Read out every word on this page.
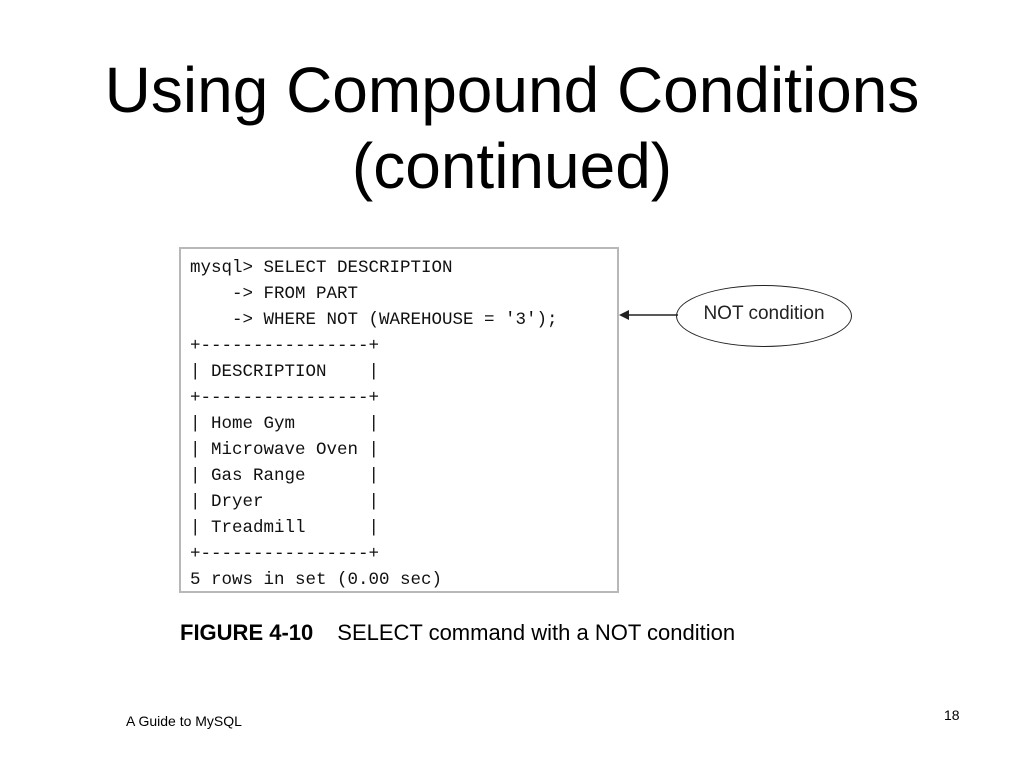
Using Compound Conditions
(continued)
mysql> SELECT DESCRIPTION
-> FROM PART
-> WHERE NOT (WAREHOUSE = '3');
+----------------+
| DESCRIPTION    |
+----------------+
| Home Gym       |
| Microwave Oven |
| Gas Range      |
| Dryer          |
| Treadmill      |
+----------------+
5 rows in set (0.00 sec)
NOT condition
FIGURE 4-10 SELECT command with a NOT condition
A Guide to MySQL	18
